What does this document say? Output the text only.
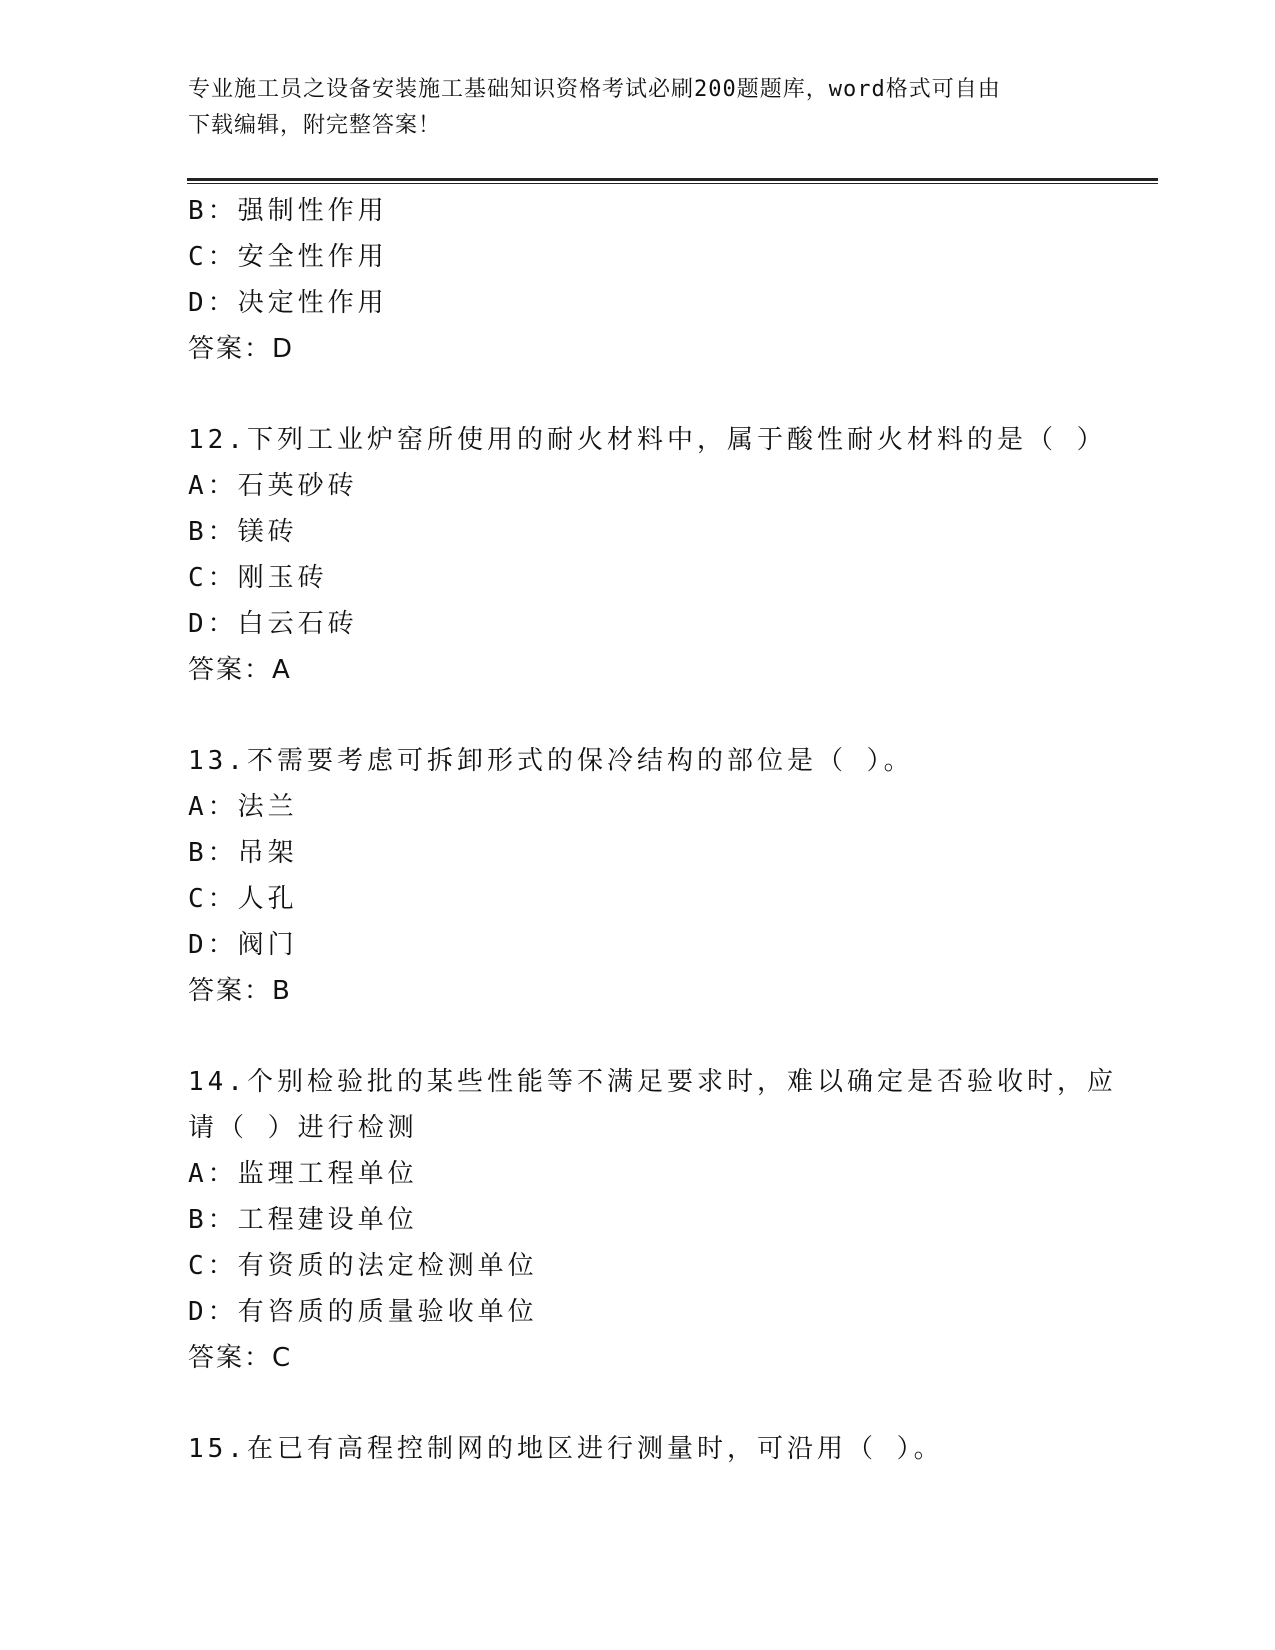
专业施工员之设备安装施工基础知识资格考试必刷200题题库，word格式可自由
下载编辑，附完整答案！
B：强制性作用
C：安全性作用
D：决定性作用
答案：D
12.下列工业炉窑所使用的耐火材料中，属于酸性耐火材料的是（ ）
A：石英砂砖
B：镁砖
C：刚玉砖
D：白云石砖
答案：A
13.不需要考虑可拆卸形式的保冷结构的部位是（ ）。
A：法兰
B：吊架
C：人孔
D：阀门
答案：B
14.个别检验批的某些性能等不满足要求时，难以确定是否验收时，应
请（ ）进行检测
A：监理工程单位
B：工程建设单位
C：有资质的法定检测单位
D：有咨质的质量验收单位
答案：C
15.在已有高程控制网的地区进行测量时，可沿用（ ）。
